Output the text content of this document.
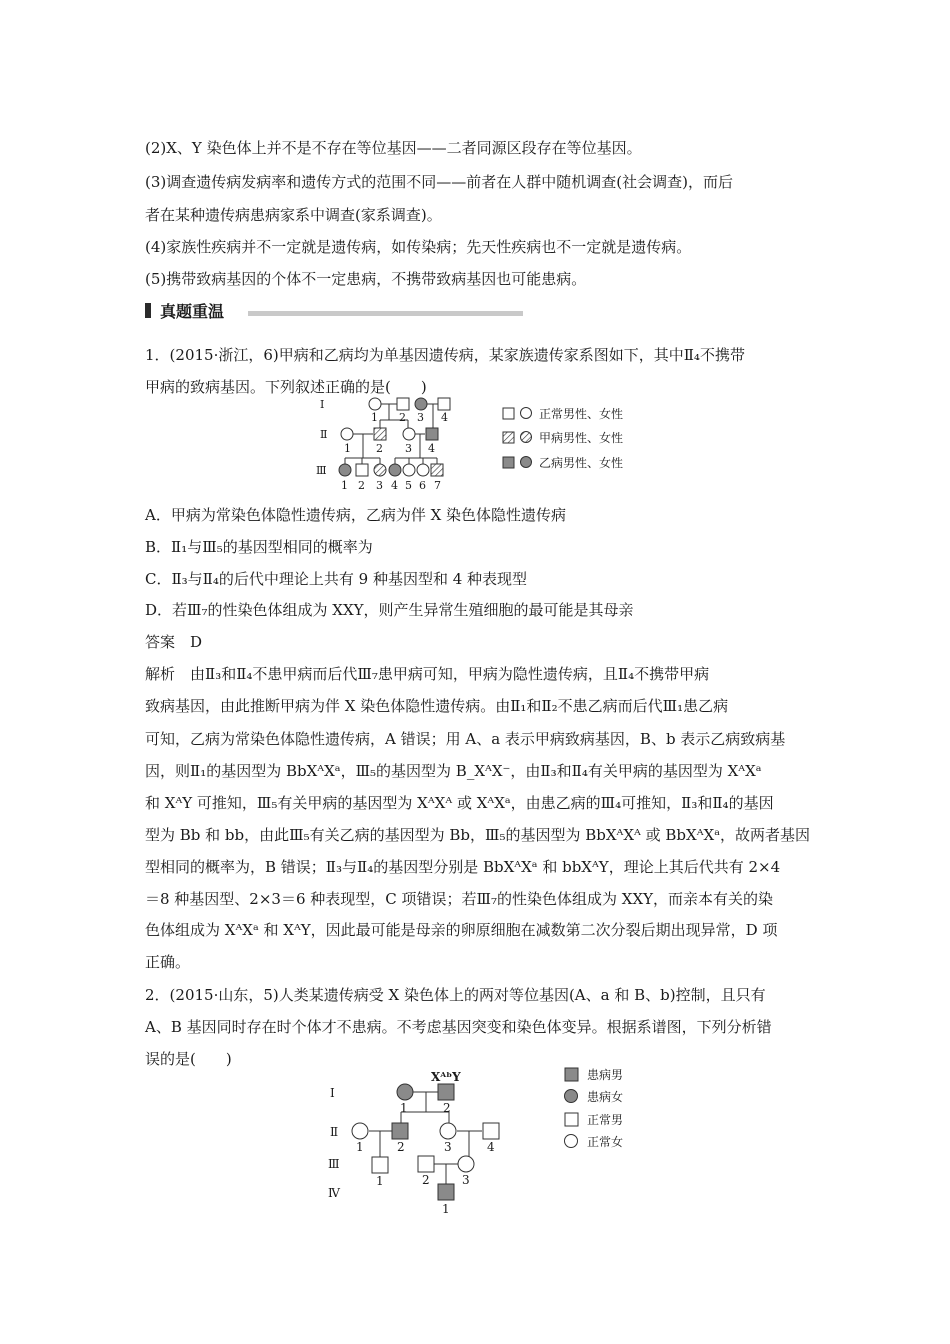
(2)X、Y 染色体上并不是不存在等位基因——二者同源区段存在等位基因。
(3)调查遗传病发病率和遗传方式的范围不同——前者在人群中随机调查(社会调查)，而后
者在某种遗传病患病家系中调查(家系调查)。
(4)家族性疾病并不一定就是遗传病，如传染病；先天性疾病也不一定就是遗传病。
(5)携带致病基因的个体不一定患病，不携带致病基因也可能患病。
真题重温
1．(2015·浙江，6)甲病和乙病均为单基因遗传病，某家族遗传家系图如下，其中Ⅱ₄不携带
甲病的致病基因。下列叙述正确的是(　　)
Ⅰ
Ⅱ
Ⅲ
1 2 3 4
1 2 3 4
1 2 3 4 5 6 7
正常男性、女性
甲病男性、女性
乙病男性、女性
A．甲病为常染色体隐性遗传病，乙病为伴 X 染色体隐性遗传病
B．Ⅱ₁与Ⅲ₅的基因型相同的概率为
C．Ⅱ₃与Ⅱ₄的后代中理论上共有 9 种基因型和 4 种表现型
D．若Ⅲ₇的性染色体组成为 XXY，则产生异常生殖细胞的最可能是其母亲
答案　D
解析　由Ⅱ₃和Ⅱ₄不患甲病而后代Ⅲ₇患甲病可知，甲病为隐性遗传病，且Ⅱ₄不携带甲病
致病基因，由此推断甲病为伴 X 染色体隐性遗传病。由Ⅱ₁和Ⅱ₂不患乙病而后代Ⅲ₁患乙病
可知，乙病为常染色体隐性遗传病，A 错误；用 A、a 表示甲病致病基因，B、b 表示乙病致病基
因，则Ⅱ₁的基因型为 BbXᴬXᵃ，Ⅲ₅的基因型为 B_XᴬX⁻，由Ⅱ₃和Ⅱ₄有关甲病的基因型为 XᴬXᵃ
和 XᴬY 可推知，Ⅲ₅有关甲病的基因型为 XᴬXᴬ 或 XᴬXᵃ，由患乙病的Ⅲ₄可推知，Ⅱ₃和Ⅱ₄的基因
型为 Bb 和 bb，由此Ⅲ₅有关乙病的基因型为 Bb，Ⅲ₅的基因型为 BbXᴬXᴬ 或 BbXᴬXᵃ，故两者基因
型相同的概率为，B 错误；Ⅱ₃与Ⅱ₄的基因型分别是 BbXᴬXᵃ 和 bbXᴬY，理论上其后代共有 2×4
＝8 种基因型、2×3＝6 种表现型，C 项错误；若Ⅲ₇的性染色体组成为 XXY，而亲本有关的染
色体组成为 XᴬXᵃ 和 XᴬY，因此最可能是母亲的卵原细胞在减数第二次分裂后期出现异常，D 项
正确。
2．(2015·山东，5)人类某遗传病受 X 染色体上的两对等位基因(A、a 和 B、b)控制，且只有
A、B 基因同时存在时个体才不患病。不考虑基因突变和染色体变异。根据系谱图，下列分析错
误的是(　　)
Ⅰ
Ⅱ
Ⅲ
Ⅳ
XᴬᵇY
1	2
1	2	3	4
1	2	3
1
患病男
患病女
正常男
正常女
